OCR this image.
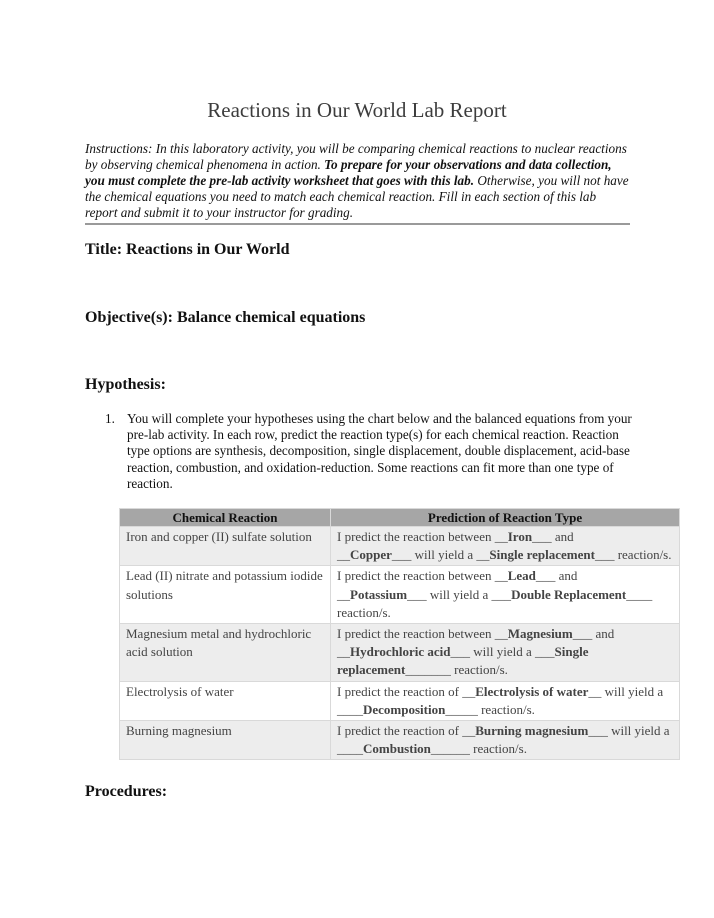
Reactions in Our World Lab Report
Instructions: In this laboratory activity, you will be comparing chemical reactions to nuclear reactions by observing chemical phenomena in action. To prepare for your observations and data collection, you must complete the pre-lab activity worksheet that goes with this lab. Otherwise, you will not have the chemical equations you need to match each chemical reaction. Fill in each section of this lab report and submit it to your instructor for grading.
Title: Reactions in Our World
Objective(s): Balance chemical equations
Hypothesis:
1. You will complete your hypotheses using the chart below and the balanced equations from your pre-lab activity. In each row, predict the reaction type(s) for each chemical reaction. Reaction type options are synthesis, decomposition, single displacement, double displacement, acid-base reaction, combustion, and oxidation-reduction. Some reactions can fit more than one type of reaction.
Chemical Reaction	Prediction of Reaction Type
Iron and copper (II) sulfate solution	I predict the reaction between __Iron___ and
__Copper___ will yield a __Single replacement___ reaction/s.
Lead (II) nitrate and potassium iodide solutions	I predict the reaction between __Lead___ and
__Potassium___ will yield a ___Double Replacement____ reaction/s.
Magnesium metal and hydrochloric acid solution	I predict the reaction between __Magnesium___ and
__Hydrochloric acid___ will yield a ___Single replacement_______ reaction/s.
Electrolysis of water	I predict the reaction of __Electrolysis of water__ will yield a ____Decomposition_____ reaction/s.
Burning magnesium	I predict the reaction of __Burning magnesium___ will yield a ____Combustion______ reaction/s.
Procedures:
